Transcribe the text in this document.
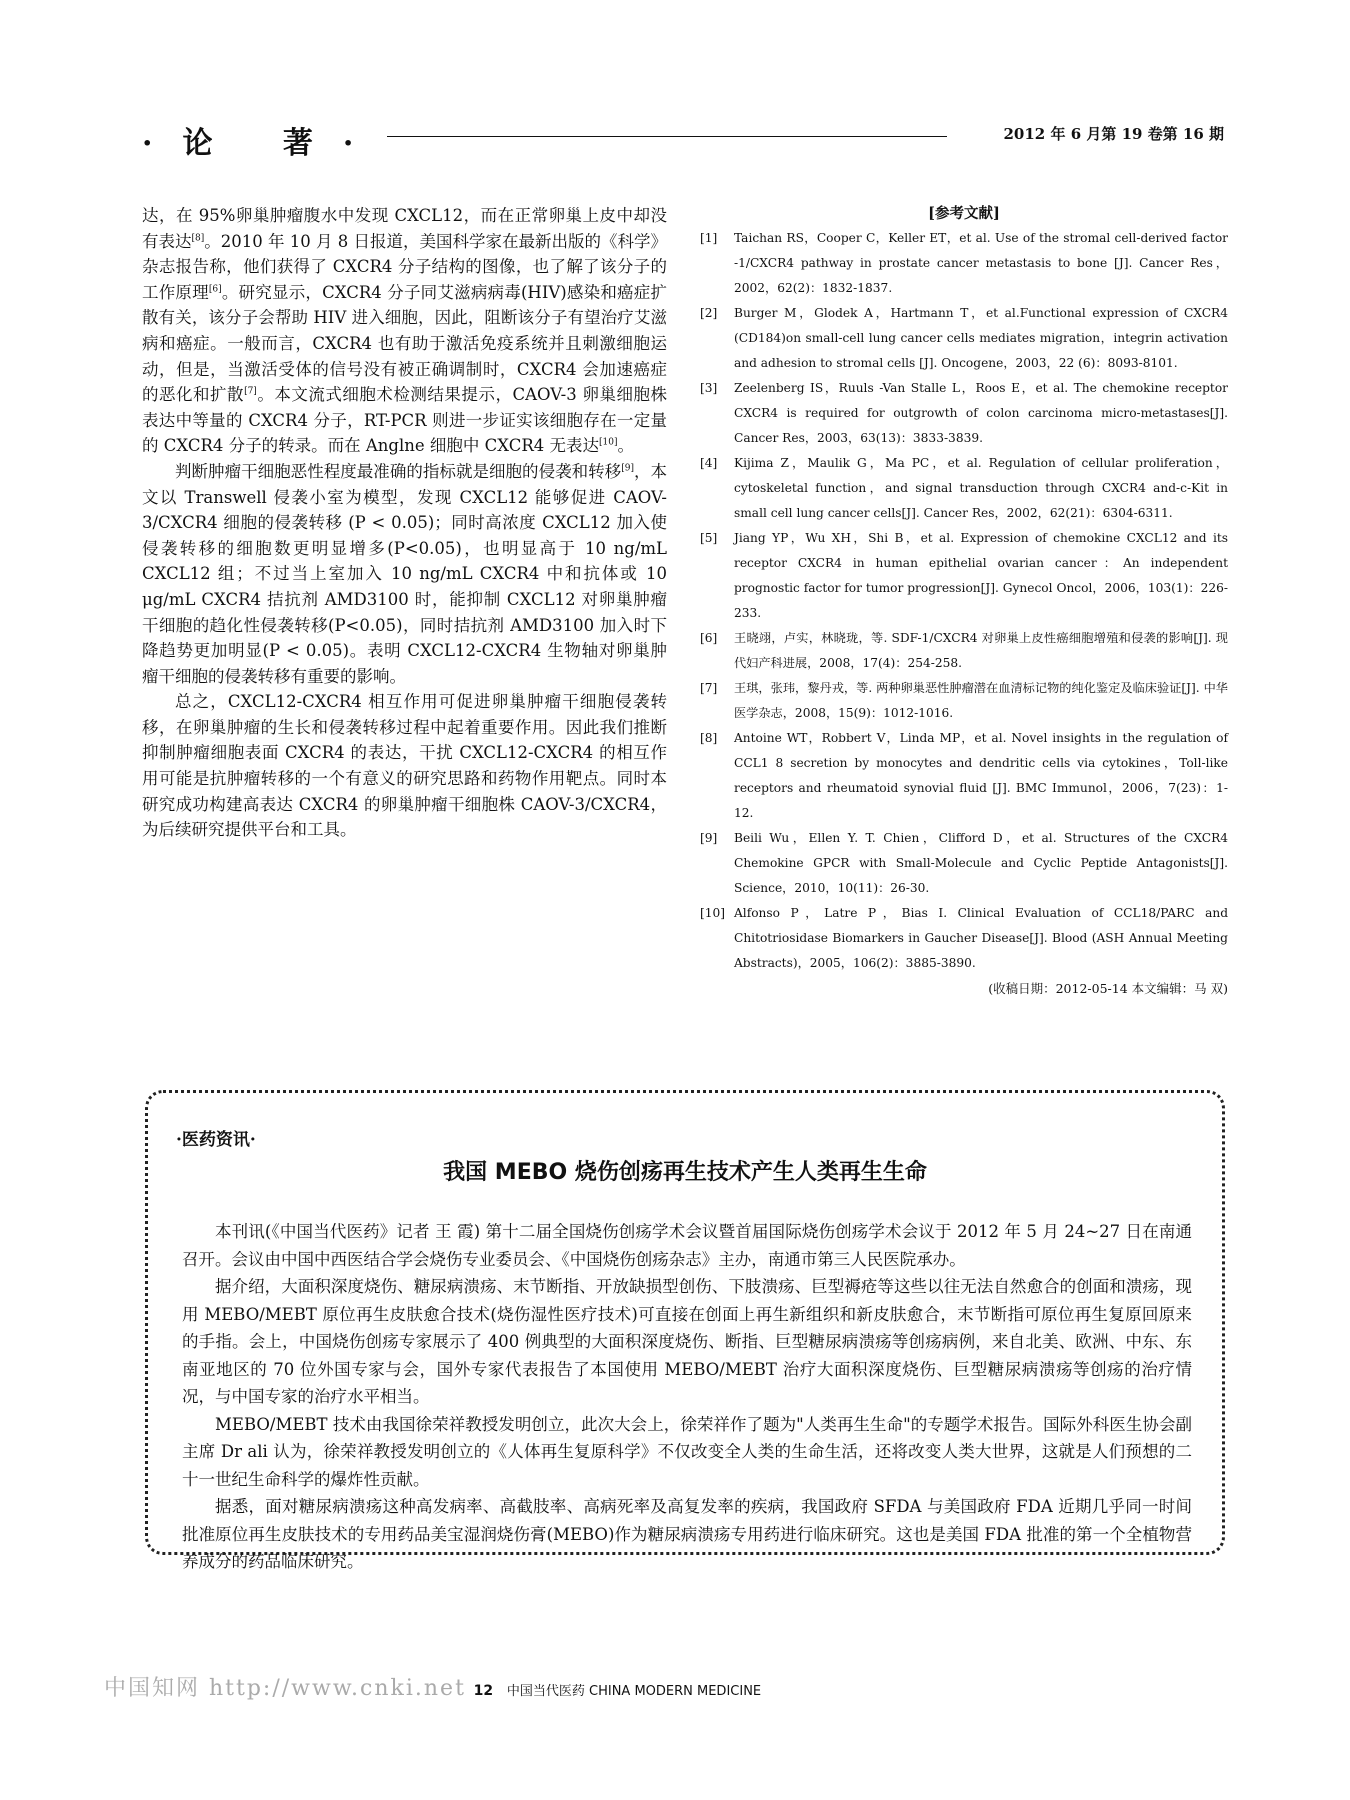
·论 著·	2012 年 6 月第 19 卷第 16 期

达，在 95%卵巢肿瘤腹水中发现 CXCL12，而在正常卵巢上皮中却没有表达[8]。2010 年 10 月 8 日报道，美国科学家在最新出版的《科学》杂志报告称，他们获得了 CXCR4 分子结构的图像，也了解了该分子的工作原理[6]。研究显示，CXCR4 分子同艾滋病病毒(HIV)感染和癌症扩散有关，该分子会帮助 HIV 进入细胞，因此，阻断该分子有望治疗艾滋病和癌症。一般而言，CXCR4 也有助于激活免疫系统并且刺激细胞运动，但是，当激活受体的信号没有被正确调制时，CXCR4 会加速癌症的恶化和扩散[7]。本文流式细胞术检测结果提示，CAOV-3 卵巢细胞株表达中等量的 CXCR4 分子，RT-PCR 则进一步证实该细胞存在一定量的 CXCR4 分子的转录。而在 Anglne 细胞中 CXCR4 无表达[10]。

判断肿瘤干细胞恶性程度最准确的指标就是细胞的侵袭和转移[9]，本文以 Transwell 侵袭小室为模型，发现 CXCL12 能够促进 CAOV-3/CXCR4 细胞的侵袭转移 (P < 0.05)；同时高浓度 CXCL12 加入使侵袭转移的细胞数更明显增多(P<0.05)，也明显高于 10 ng/mL CXCL12 组；不过当上室加入 10 ng/mL CXCR4 中和抗体或 10 μg/mL CXCR4 拮抗剂 AMD3100 时，能抑制 CXCL12 对卵巢肿瘤干细胞的趋化性侵袭转移(P<0.05)，同时拮抗剂 AMD3100 加入时下降趋势更加明显(P < 0.05)。表明 CXCL12-CXCR4 生物轴对卵巢肿瘤干细胞的侵袭转移有重要的影响。

总之，CXCL12-CXCR4 相互作用可促进卵巢肿瘤干细胞侵袭转移，在卵巢肿瘤的生长和侵袭转移过程中起着重要作用。因此我们推断抑制肿瘤细胞表面 CXCR4 的表达，干扰 CXCL12-CXCR4 的相互作用可能是抗肿瘤转移的一个有意义的研究思路和药物作用靶点。同时本研究成功构建高表达 CXCR4 的卵巢肿瘤干细胞株 CAOV-3/CXCR4，为后续研究提供平台和工具。

[参考文献]
[1]	Taichan RS，Cooper C，Keller ET，et al. Use of the stromal cell-derived factor -1/CXCR4 pathway in prostate cancer metastasis to bone [J]. Cancer Res，2002，62(2)：1832-1837.
[2]	Burger M，Glodek A，Hartmann T，et al.Functional expression of CXCR4 (CD184)on small-cell lung cancer cells mediates migration，integrin activation and adhesion to stromal cells [J]. Oncogene，2003，22 (6)：8093-8101.
[3]	Zeelenberg IS，Ruuls -Van Stalle L，Roos E，et al. The chemokine receptor CXCR4 is required for outgrowth of colon carcinoma micro-metastases[J]. Cancer Res，2003，63(13)：3833-3839.
[4]	Kijima Z，Maulik G，Ma PC，et al. Regulation of cellular proliferation，cytoskeletal function，and signal transduction through CXCR4 and-c-Kit in small cell lung cancer cells[J]. Cancer Res，2002，62(21)：6304-6311.
[5]	Jiang YP，Wu XH，Shi B，et al. Expression of chemokine CXCL12 and its receptor CXCR4 in human epithelial ovarian cancer：An independent prognostic factor for tumor progression[J]. Gynecol Oncol，2006，103(1)：226-233.
[6]	王晓翊，卢实，林晓珑，等. SDF-1/CXCR4 对卵巢上皮性癌细胞增殖和侵袭的影响[J]. 现代妇产科进展，2008，17(4)：254-258.
[7]	王琪，张玮，黎丹戎，等. 两种卵巢恶性肿瘤潜在血清标记物的纯化鉴定及临床验证[J]. 中华医学杂志，2008，15(9)：1012-1016.
[8]	Antoine WT，Robbert V，Linda MP，et al. Novel insights in the regulation of CCL1 8 secretion by monocytes and dendritic cells via cytokines，Toll-like receptors and rheumatoid synovial fluid [J]. BMC Immunol，2006，7(23)：1-12.
[9]	Beili Wu，Ellen Y. T. Chien，Clifford D，et al. Structures of the CXCR4 Chemokine GPCR with Small-Molecule and Cyclic Peptide Antagonists[J]. Science，2010，10(11)：26-30.
[10] Alfonso P，Latre P，Bias I. Clinical Evaluation of CCL18/PARC and Chitotriosidase Biomarkers in Gaucher Disease[J]. Blood (ASH Annual Meeting Abstracts)，2005，106(2)：3885-3890.
(收稿日期：2012-05-14 本文编辑：马 双)
·医药资讯·
我国 MEBO 烧伤创疡再生技术产生人类再生生命

本刊讯(《中国当代医药》记者 王 霞) 第十二届全国烧伤创疡学术会议暨首届国际烧伤创疡学术会议于 2012 年 5 月 24~27 日在南通召开。会议由中国中西医结合学会烧伤专业委员会、《中国烧伤创疡杂志》主办，南通市第三人民医院承办。

据介绍，大面积深度烧伤、糖尿病溃疡、末节断指、开放缺损型创伤、下肢溃疡、巨型褥疮等这些以往无法自然愈合的创面和溃疡，现用 MEBO/MEBT 原位再生皮肤愈合技术(烧伤湿性医疗技术)可直接在创面上再生新组织和新皮肤愈合，末节断指可原位再生复原回原来的手指。会上，中国烧伤创疡专家展示了 400 例典型的大面积深度烧伤、断指、巨型糖尿病溃疡等创疡病例，来自北美、欧洲、中东、东南亚地区的 70 位外国专家与会，国外专家代表报告了本国使用 MEBO/MEBT 治疗大面积深度烧伤、巨型糖尿病溃疡等创疡的治疗情况，与中国专家的治疗水平相当。

MEBO/MEBT 技术由我国徐荣祥教授发明创立，此次大会上，徐荣祥作了题为"人类再生生命"的专题学术报告。国际外科医生协会副主席 Dr ali 认为，徐荣祥教授发明创立的《人体再生复原科学》不仅改变全人类的生命生活，还将改变人类大世界，这就是人们预想的二十一世纪生命科学的爆炸性贡献。

据悉，面对糖尿病溃疡这种高发病率、高截肢率、高病死率及高复发率的疾病，我国政府 SFDA 与美国政府 FDA 近期几乎同一时间批准原位再生皮肤技术的专用药品美宝湿润烧伤膏(MEBO)作为糖尿病溃疡专用药进行临床研究。这也是美国 FDA 批准的第一个全植物营养成分的药品临床研究。

中国知网 http://www.cnki.net 12 中国当代医药 CHINA MODERN MEDICINE
